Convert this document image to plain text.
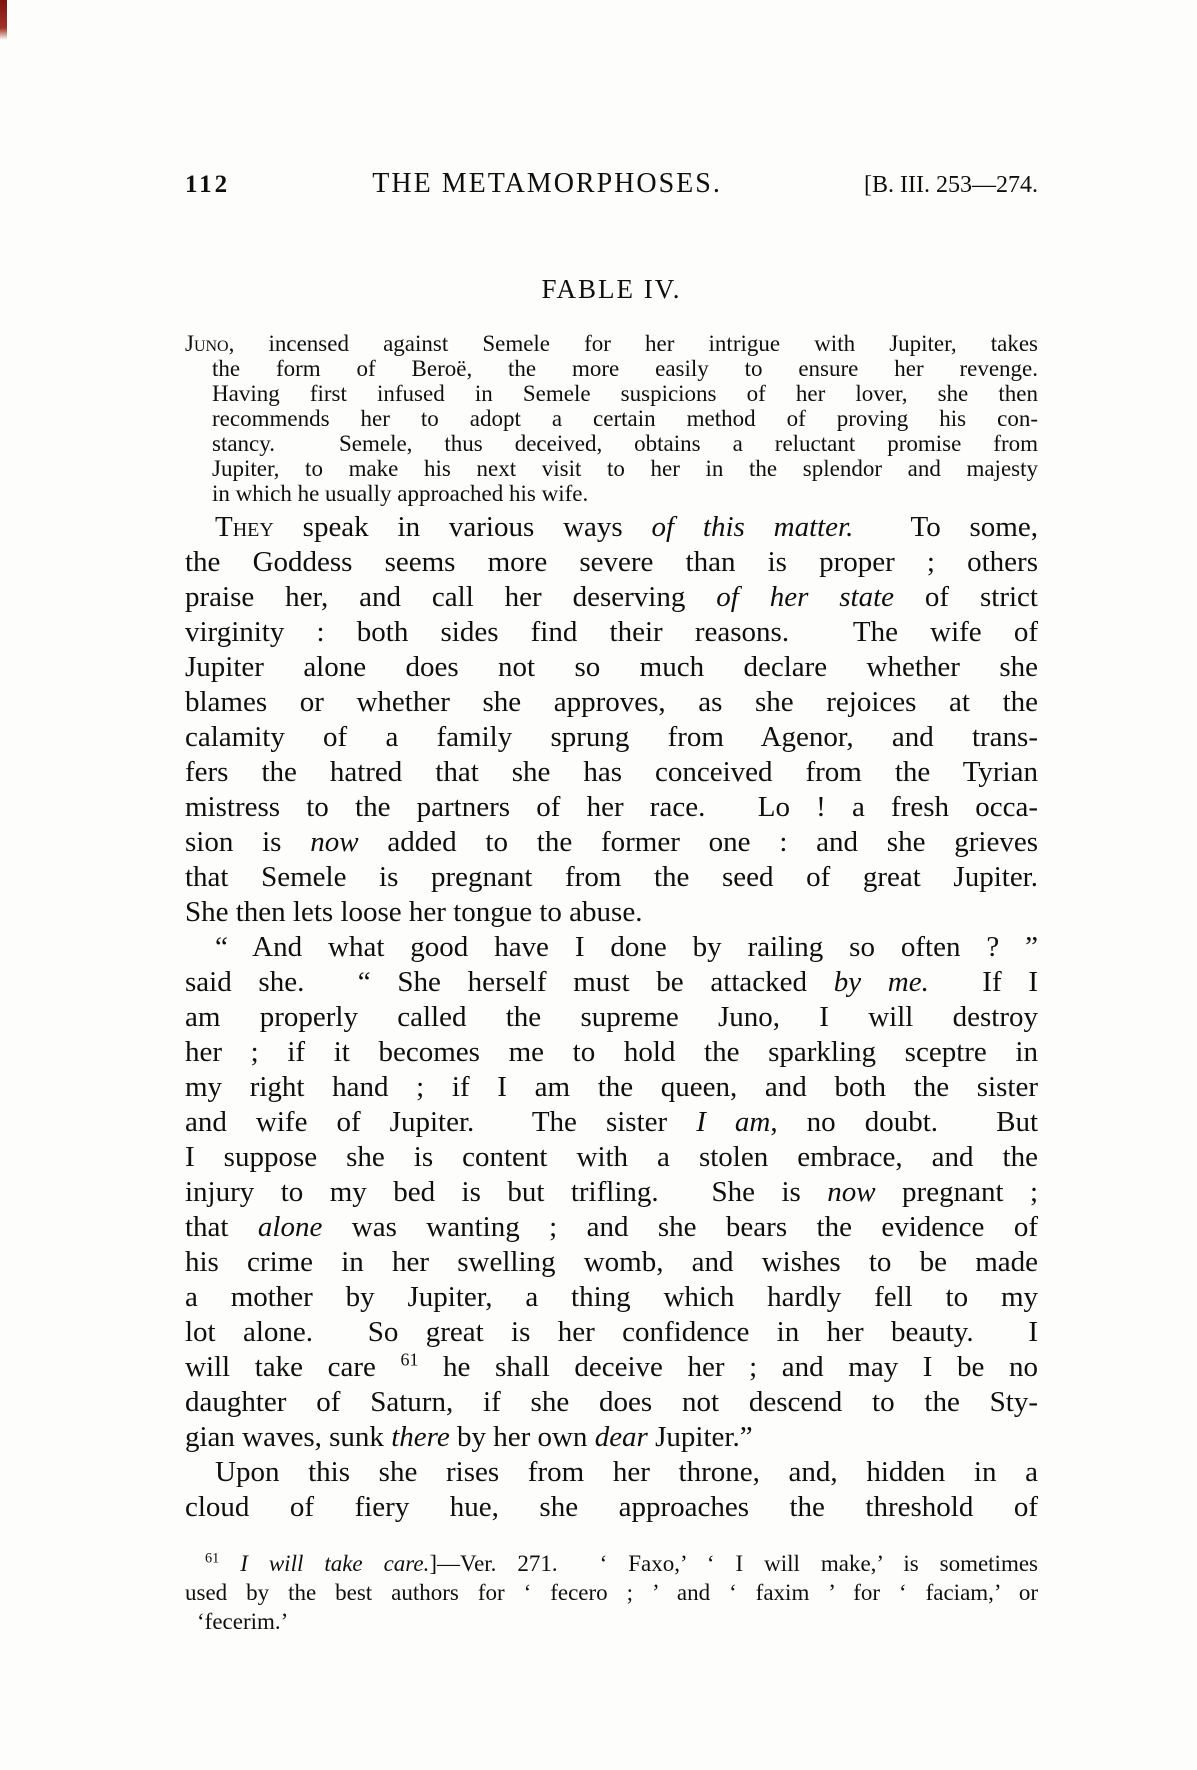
112	THE METAMORPHOSES.	[B. III. 253—274.
FABLE IV.
Juno, incensed against Semele for her intrigue with Jupiter, takes
the form of Beroë, the more easily to ensure her revenge.
Having first infused in Semele suspicions of her lover, she then
recommends her to adopt a certain method of proving his con-
stancy.  Semele, thus deceived, obtains a reluctant promise from
Jupiter, to make his next visit to her in the splendor and majesty
in which he usually approached his wife.
They speak in various ways of this matter.  To some,
the Goddess seems more severe than is proper ; others
praise her, and call her deserving of her state of strict
virginity : both sides find their reasons.  The wife of
Jupiter alone does not so much declare whether she
blames or whether she approves, as she rejoices at the
calamity of a family sprung from Agenor, and trans-
fers the hatred that she has conceived from the Tyrian
mistress to the partners of her race.  Lo ! a fresh occa-
sion is now added to the former one : and she grieves
that Semele is pregnant from the seed of great Jupiter.
She then lets loose her tongue to abuse.
“ And what good have I done by railing so often ? ”
said she.  “ She herself must be attacked by me.  If I
am properly called the supreme Juno, I will destroy
her ; if it becomes me to hold the sparkling sceptre in
my right hand ; if I am the queen, and both the sister
and wife of Jupiter.  The sister I am, no doubt.  But
I suppose she is content with a stolen embrace, and the
injury to my bed is but trifling.  She is now pregnant ;
that alone was wanting ; and she bears the evidence of
his crime in her swelling womb, and wishes to be made
a mother by Jupiter, a thing which hardly fell to my
lot alone.  So great is her confidence in her beauty.  I
will take care $^{61}$ he shall deceive her ; and may I be no
daughter of Saturn, if she does not descend to the Sty-
gian waves, sunk there by her own dear Jupiter.”
Upon this she rises from her throne, and, hidden in a
cloud of fiery hue, she approaches the threshold of
$^{61}$ I will take care.]—Ver. 271.  ‘ Faxo,’ ‘ I will make,’ is sometimes
used by the best authors for ‘ fecero ; ’ and ‘ faxim ’ for ‘ faciam,’ or
‘fecerim.’
